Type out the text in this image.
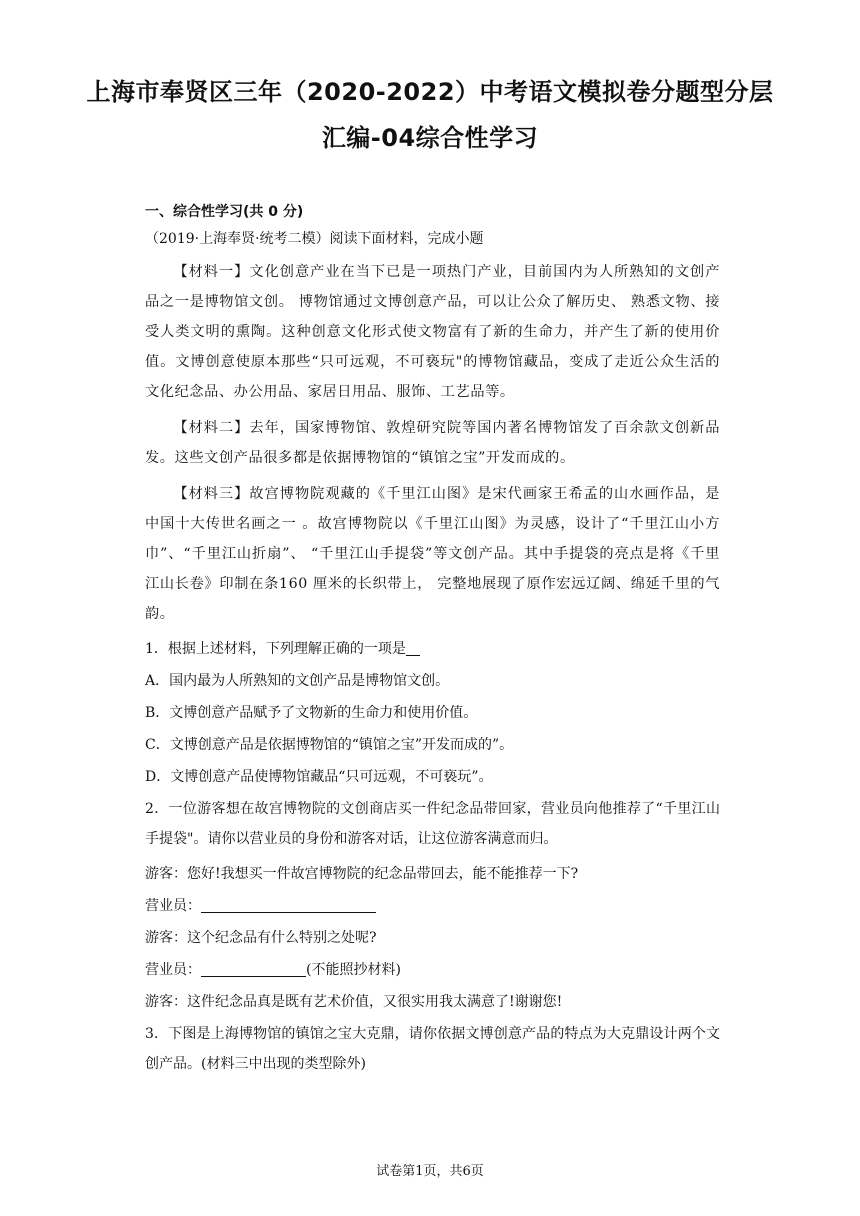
上海市奉贤区三年（2020-2022）中考语文模拟卷分题型分层
汇编-04综合性学习
一、综合性学习(共 0 分)
（2019·上海奉贤·统考二模）阅读下面材料，完成小题
【材料一】文化创意产业在当下已是一项热门产业，目前国内为人所熟知的文创产品之一是博物馆文创。 博物馆通过文博创意产品，可以让公众了解历史、 熟悉文物、接受人类文明的熏陶。这种创意文化形式使文物富有了新的生命力，并产生了新的使用价值。文博创意使原本那些“只可远观，不可亵玩"的博物馆藏品，变成了走近公众生活的文化纪念品、办公用品、家居日用品、服饰、工艺品等。
【材料二】去年，国家博物馆、敦煌研究院等国内著名博物馆发了百余款文创新品发。这些文创产品很多都是依据博物馆的“镇馆之宝”开发而成的。
【材料三】故宫博物院观藏的《千里江山图》是宋代画家王希孟的山水画作品，是中国十大传世名画之一 。故宫博物院以《千里江山图》为灵感，设计了“千里江山小方巾”、“千里江山折扇”、 “千里江山手提袋”等文创产品。其中手提袋的亮点是将《千里江山长卷》印制在条160 厘米的长织带上， 完整地展现了原作宏远辽阔、绵延千里的气韵。
1．根据上述材料，下列理解正确的一项是
A．国内最为人所熟知的文创产品是博物馆文创。
B．文博创意产品赋予了文物新的生命力和使用价值。
C．文博创意产品是依据博物馆的“镇馆之宝”开发而成的”。
D．文博创意产品使博物馆藏品“只可远观，不可亵玩”。
2．一位游客想在故宫博物院的文创商店买一件纪念品带回家，营业员向他推荐了“千里江山手提袋"。请你以营业员的身份和游客对话，让这位游客满意而归。
游客：您好!我想买一件故宫博物院的纪念品带回去，能不能推荐一下?
营业员：
游客：这个纪念品有什么特别之处呢?
营业员：	(不能照抄材料)
游客：这件纪念品真是既有艺术价值，又很实用我太满意了!谢谢您!
3．下图是上海博物馆的镇馆之宝大克鼎，请你依据文博创意产品的特点为大克鼎设计两个文创产品。(材料三中出现的类型除外)
试卷第1页，共6页
